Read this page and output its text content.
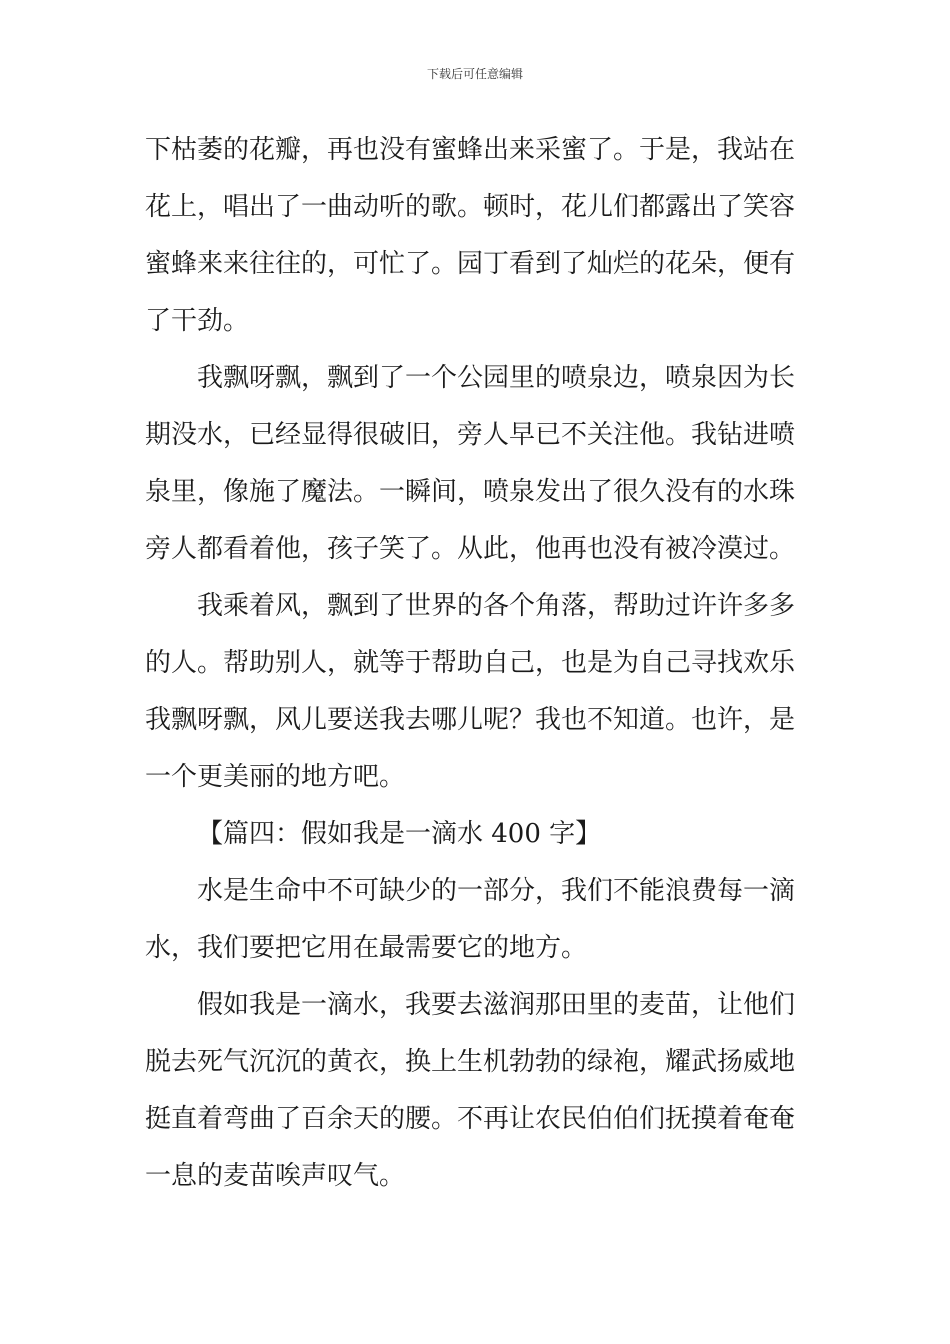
下载后可任意编辑
下枯萎的花瓣，再也没有蜜蜂出来采蜜了。于是，我站在
花上，唱出了一曲动听的歌。顿时，花儿们都露出了笑容
蜜蜂来来往往的，可忙了。园丁看到了灿烂的花朵，便有
了干劲。
我飘呀飘，飘到了一个公园里的喷泉边，喷泉因为长
期没水，已经显得很破旧，旁人早已不关注他。我钻进喷
泉里，像施了魔法。一瞬间，喷泉发出了很久没有的水珠
旁人都看着他，孩子笑了。从此，他再也没有被冷漠过。
我乘着风，飘到了世界的各个角落，帮助过许许多多
的人。帮助别人，就等于帮助自己，也是为自己寻找欢乐
我飘呀飘，风儿要送我去哪儿呢？我也不知道。也许，是
一个更美丽的地方吧。
【篇四：假如我是一滴水 400 字】
水是生命中不可缺少的一部分，我们不能浪费每一滴
水，我们要把它用在最需要它的地方。
假如我是一滴水，我要去滋润那田里的麦苗，让他们
脱去死气沉沉的黄衣，换上生机勃勃的绿袍，耀武扬威地
挺直着弯曲了百余天的腰。不再让农民伯伯们抚摸着奄奄
一息的麦苗唉声叹气。
